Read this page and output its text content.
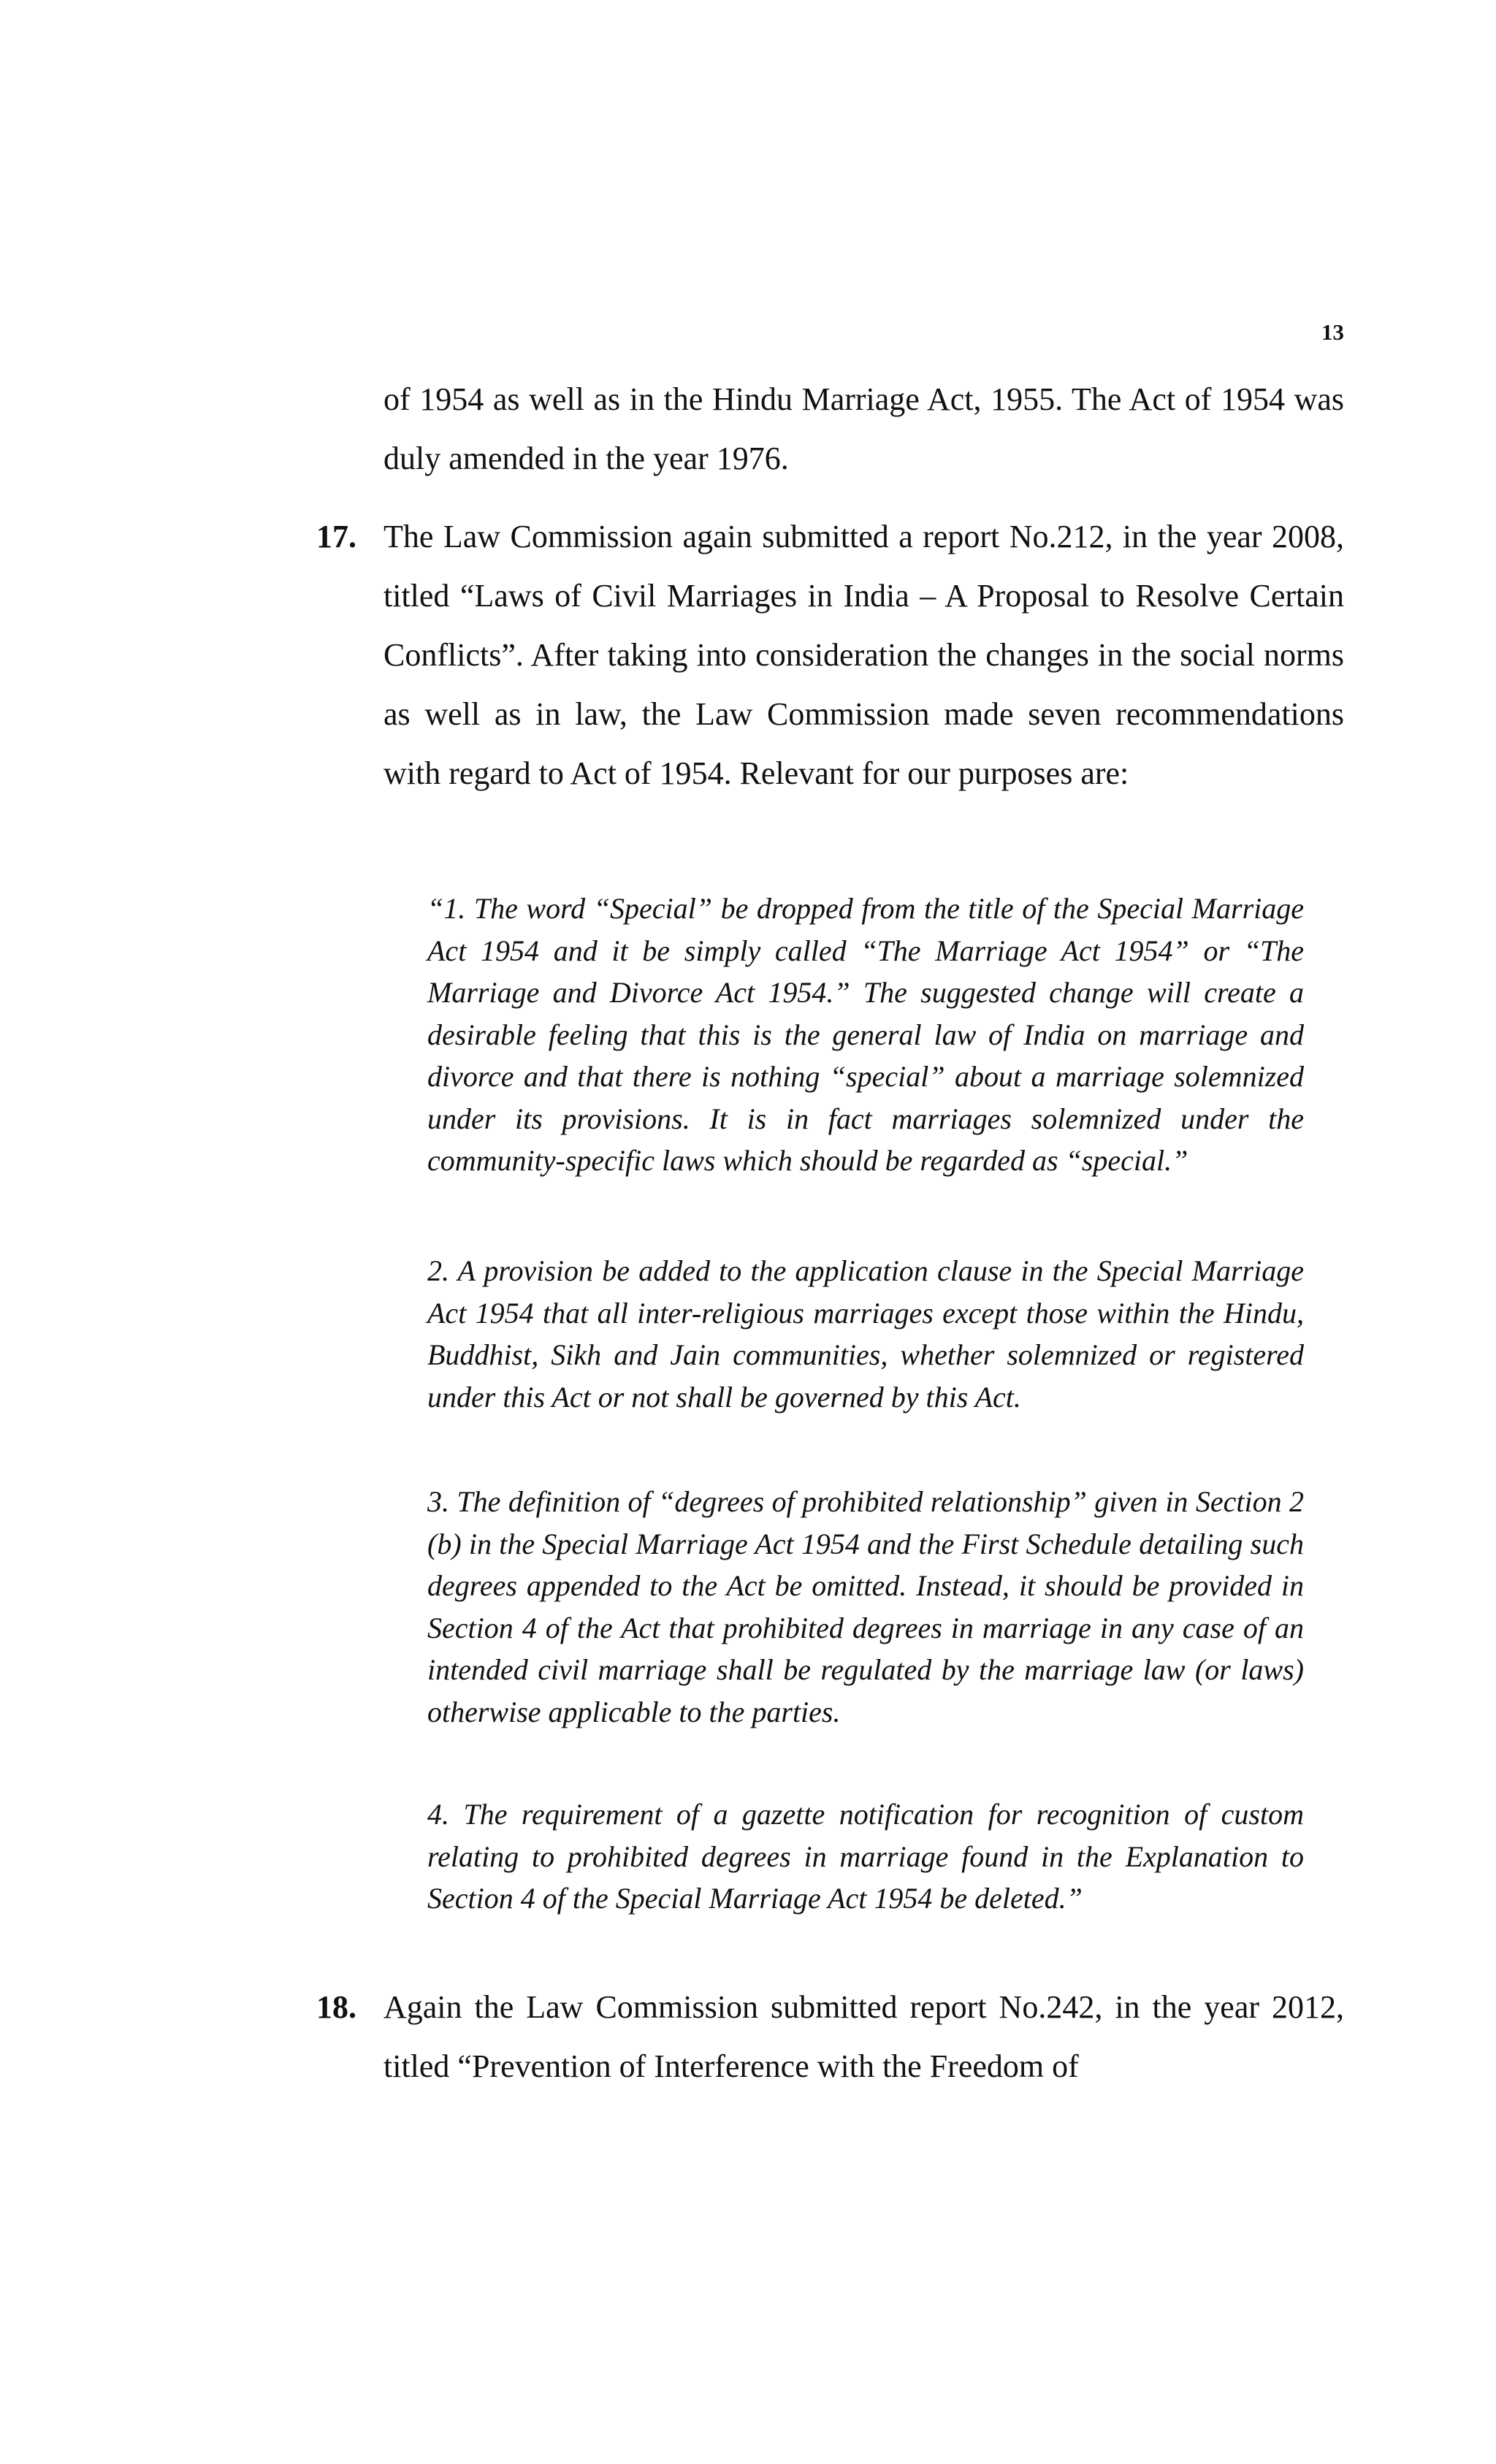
13

of 1954 as well as in the Hindu Marriage Act, 1955. The Act of 1954 was duly amended in the year 1976.

17. The Law Commission again submitted a report No.212, in the year 2008, titled “Laws of Civil Marriages in India – A Proposal to Resolve Certain Conflicts”. After taking into consideration the changes in the social norms as well as in law, the Law Commission made seven recommendations with regard to Act of 1954. Relevant for our purposes are:

“1. The word “Special” be dropped from the title of the Special Marriage Act 1954 and it be simply called “The Marriage Act 1954” or “The Marriage and Divorce Act 1954.” The suggested change will create a desirable feeling that this is the general law of India on marriage and divorce and that there is nothing “special” about a marriage solemnized under its provisions. It is in fact marriages solemnized under the community-specific laws which should be regarded as “special.”

2. A provision be added to the application clause in the Special Marriage Act 1954 that all inter-religious marriages except those within the Hindu, Buddhist, Sikh and Jain communities, whether solemnized or registered under this Act or not shall be governed by this Act.

3. The definition of “degrees of prohibited relationship” given in Section 2 (b) in the Special Marriage Act 1954 and the First Schedule detailing such degrees appended to the Act be omitted. Instead, it should be provided in Section 4 of the Act that prohibited degrees in marriage in any case of an intended civil marriage shall be regulated by the marriage law (or laws) otherwise applicable to the parties.

4. The requirement of a gazette notification for recognition of custom relating to prohibited degrees in marriage found in the Explanation to Section 4 of the Special Marriage Act 1954 be deleted.”

18. Again the Law Commission submitted report No.242, in the year 2012, titled “Prevention of Interference with the Freedom of
